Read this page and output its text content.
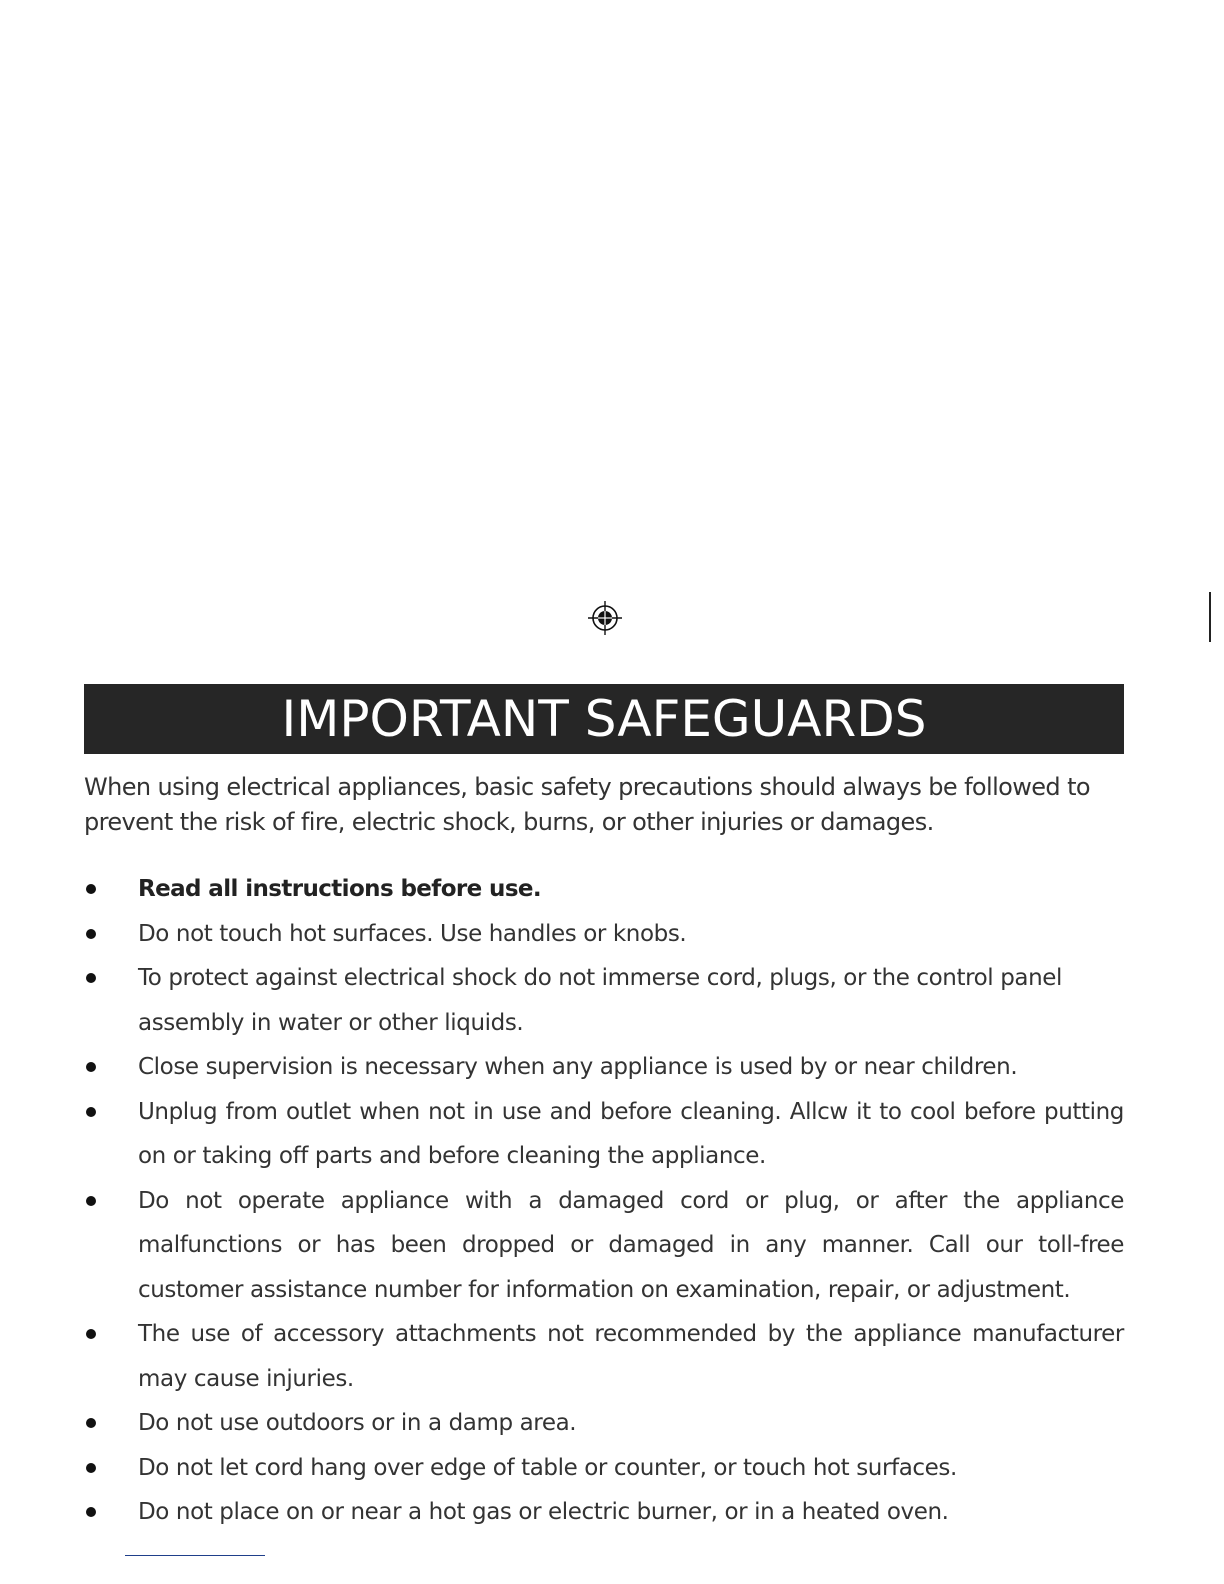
IMPORTANT SAFEGUARDS

When using electrical appliances, basic safety precautions should always be followed to prevent the risk of fire, electric shock, burns, or other injuries or damages.

Read all instructions before use.
Do not touch hot surfaces. Use handles or knobs.
To protect against electrical shock do not immerse cord, plugs, or the control panel assembly in water or other liquids.
Close supervision is necessary when any appliance is used by or near children.
Unplug from outlet when not in use and before cleaning. Allcw it to cool before putting on or taking off parts and before cleaning the appliance.
Do not operate appliance with a damaged cord or plug, or after the appliance malfunctions or has been dropped or damaged in any manner. Call our toll-free customer assistance number for information on examination, repair, or adjustment.
The use of accessory attachments not recommended by the appliance manufacturer may cause injuries.
Do not use outdoors or in a damp area.
Do not let cord hang over edge of table or counter, or touch hot surfaces.
Do not place on or near a hot gas or electric burner, or in a heated oven.
